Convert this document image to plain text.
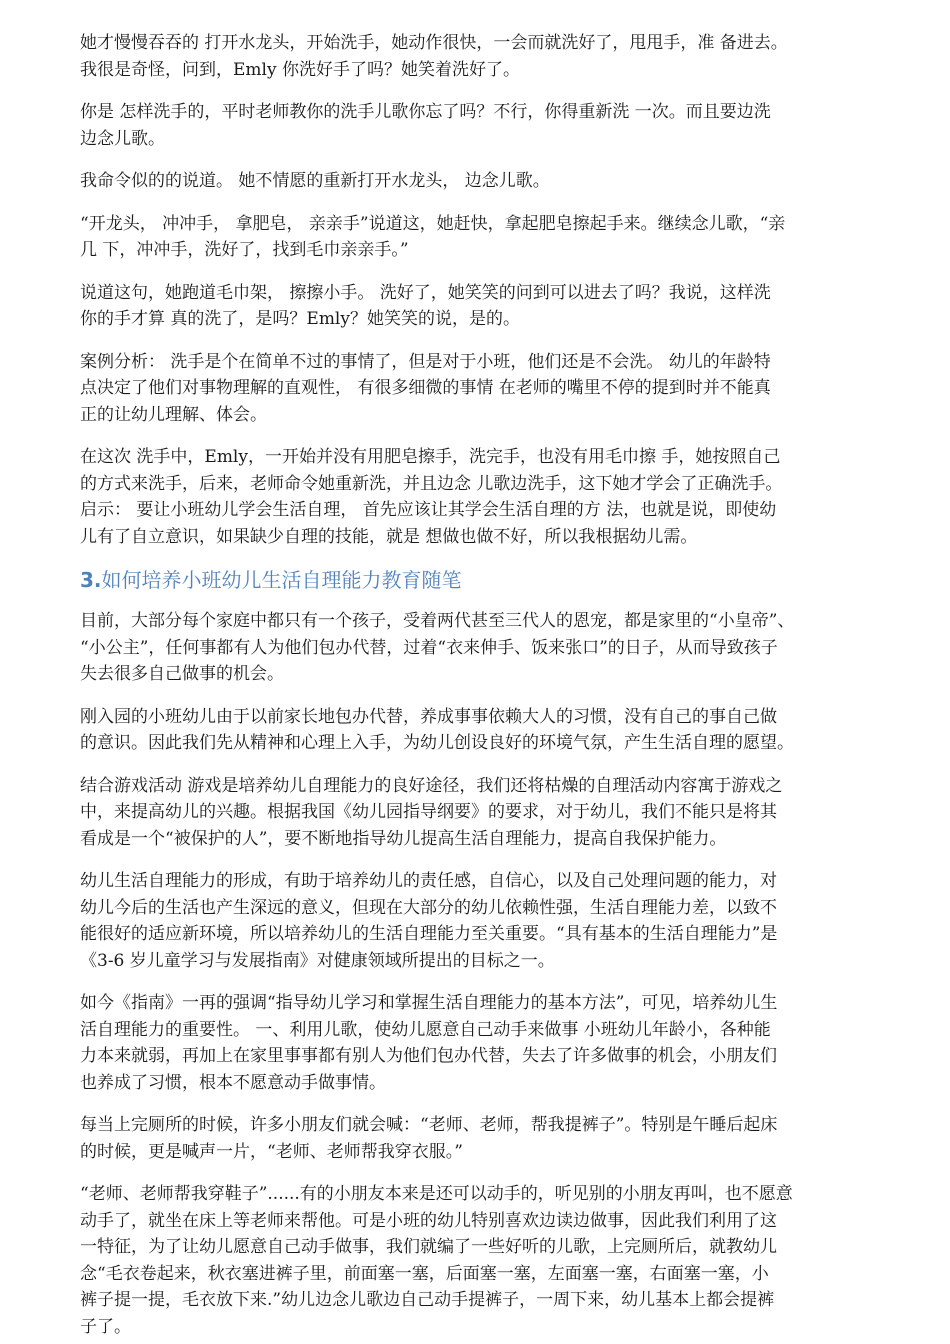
她才慢慢吞吞的 打开水龙头，开始洗手，她动作很快，一会而就洗好了，甩甩手，准 备进去。
我很是奇怪，问到，Emly 你洗好手了吗？她笑着洗好了。

你是 怎样洗手的，平时老师教你的洗手儿歌你忘了吗？不行，你得重新洗 一次。而且要边洗
边念儿歌。

我命令似的的说道。 她不情愿的重新打开水龙头， 边念儿歌。

“开龙头， 冲冲手， 拿肥皂， 亲亲手”说道这，她赶快，拿起肥皂擦起手来。继续念儿歌，“亲
几 下，冲冲手，洗好了，找到毛巾亲亲手。”

说道这句，她跑道毛巾架， 擦擦小手。 洗好了，她笑笑的问到可以进去了吗？我说，这样洗
你的手才算 真的洗了，是吗？Emly？她笑笑的说，是的。

案例分析： 洗手是个在简单不过的事情了，但是对于小班，他们还是不会洗。 幼儿的年龄特
点决定了他们对事物理解的直观性， 有很多细微的事情 在老师的嘴里不停的提到时并不能真
正的让幼儿理解、体会。

在这次 洗手中，Emly，一开始并没有用肥皂擦手，洗完手，也没有用毛巾擦 手，她按照自己
的方式来洗手，后来，老师命令她重新洗，并且边念 儿歌边洗手，这下她才学会了正确洗手。
启示： 要让小班幼儿学会生活自理， 首先应该让其学会生活自理的方 法，也就是说，即使幼
儿有了自立意识，如果缺少自理的技能，就是 想做也做不好，所以我根据幼儿需。

3.如何培养小班幼儿生活自理能力教育随笔

目前，大部分每个家庭中都只有一个孩子，受着两代甚至三代人的恩宠，都是家里的“小皇帝”、
“小公主”，任何事都有人为他们包办代替，过着“衣来伸手、饭来张口”的日子，从而导致孩子
失去很多自己做事的机会。

刚入园的小班幼儿由于以前家长地包办代替，养成事事依赖大人的习惯，没有自己的事自己做
的意识。因此我们先从精神和心理上入手，为幼儿创设良好的环境气氛，产生生活自理的愿望。

结合游戏活动 游戏是培养幼儿自理能力的良好途径，我们还将枯燥的自理活动内容寓于游戏之
中，来提高幼儿的兴趣。根据我国《幼儿园指导纲要》的要求，对于幼儿，我们不能只是将其
看成是一个“被保护的人”，要不断地指导幼儿提高生活自理能力，提高自我保护能力。

幼儿生活自理能力的形成，有助于培养幼儿的责任感，自信心，以及自己处理问题的能力，对
幼儿今后的生活也产生深远的意义，但现在大部分的幼儿依赖性强，生活自理能力差，以致不
能很好的适应新环境，所以培养幼儿的生活自理能力至关重要。“具有基本的生活自理能力”是
《3-6 岁儿童学习与发展指南》对健康领域所提出的目标之一。

如今《指南》一再的强调“指导幼儿学习和掌握生活自理能力的基本方法”，可见，培养幼儿生
活自理能力的重要性。 一、利用儿歌，使幼儿愿意自己动手来做事 小班幼儿年龄小，各种能
力本来就弱，再加上在家里事事都有别人为他们包办代替，失去了许多做事的机会，小朋友们
也养成了习惯，根本不愿意动手做事情。

每当上完厕所的时候，许多小朋友们就会喊：“老师、老师，帮我提裤子”。特别是午睡后起床
的时候，更是喊声一片，“老师、老师帮我穿衣服。”

“老师、老师帮我穿鞋子”......有的小朋友本来是还可以动手的，听见别的小朋友再叫，也不愿意
动手了，就坐在床上等老师来帮他。可是小班的幼儿特别喜欢边读边做事，因此我们利用了这
一特征，为了让幼儿愿意自己动手做事，我们就编了一些好听的儿歌，上完厕所后，就教幼儿
念“毛衣卷起来，秋衣塞进裤子里，前面塞一塞，后面塞一塞，左面塞一塞，右面塞一塞，小
裤子提一提，毛衣放下来.”幼儿边念儿歌边自己动手提裤子，一周下来，幼儿基本上都会提裤
子了。
